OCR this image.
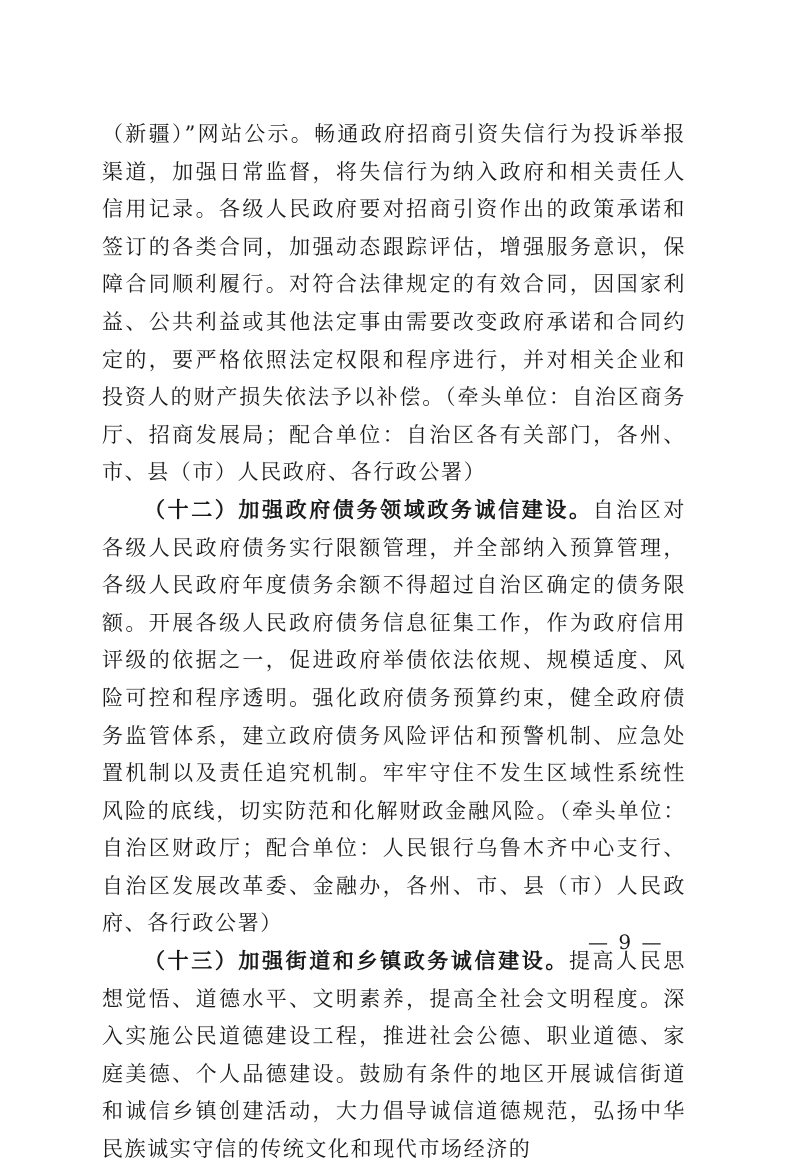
（新疆）”网站公示。畅通政府招商引资失信行为投诉举报渠道，加强日常监督，将失信行为纳入政府和相关责任人信用记录。各级人民政府要对招商引资作出的政策承诺和签订的各类合同，加强动态跟踪评估，增强服务意识，保障合同顺利履行。对符合法律规定的有效合同，因国家利益、公共利益或其他法定事由需要改变政府承诺和合同约定的，要严格依照法定权限和程序进行，并对相关企业和投资人的财产损失依法予以补偿。（牵头单位：自治区商务厅、招商发展局；配合单位：自治区各有关部门，各州、市、县（市）人民政府、各行政公署）

（十二）加强政府债务领域政务诚信建设。自治区对各级人民政府债务实行限额管理，并全部纳入预算管理，各级人民政府年度债务余额不得超过自治区确定的债务限额。开展各级人民政府债务信息征集工作，作为政府信用评级的依据之一，促进政府举债依法依规、规模适度、风险可控和程序透明。强化政府债务预算约束，健全政府债务监管体系，建立政府债务风险评估和预警机制、应急处置机制以及责任追究机制。牢牢守住不发生区域性系统性风险的底线，切实防范和化解财政金融风险。（牵头单位：自治区财政厅；配合单位：人民银行乌鲁木齐中心支行、自治区发展改革委、金融办，各州、市、县（市）人民政府、各行政公署）

（十三）加强街道和乡镇政务诚信建设。提高人民思想觉悟、道德水平、文明素养，提高全社会文明程度。深入实施公民道德建设工程，推进社会公德、职业道德、家庭美德、个人品德建设。鼓励有条件的地区开展诚信街道和诚信乡镇创建活动，大力倡导诚信道德规范，弘扬中华民族诚实守信的传统文化和现代市场经济的

— 9 —
